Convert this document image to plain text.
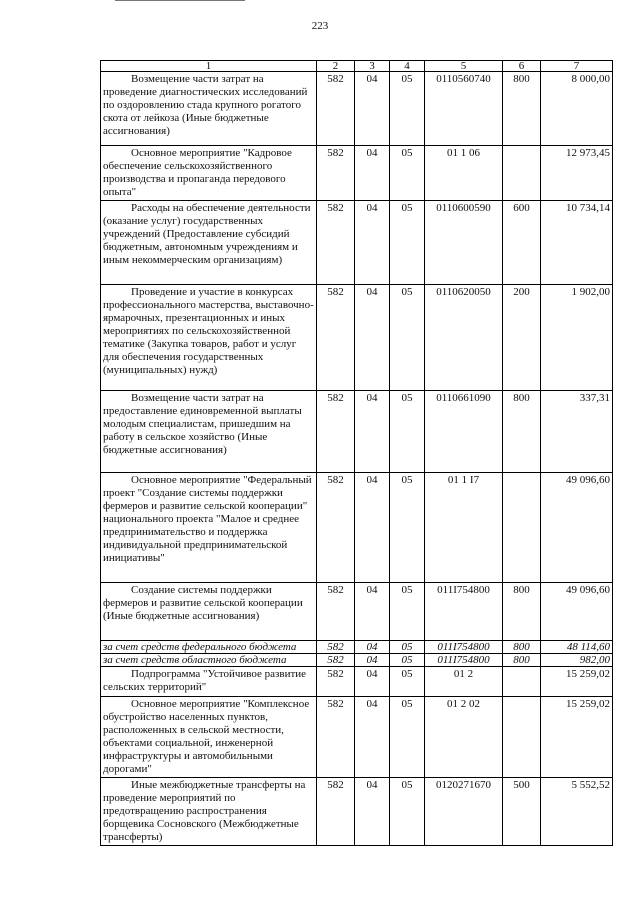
223
1	2	3	4	5	6	7
Возмещение части затрат на проведение диагностических исследований по оздоровлению стада крупного рогатого скота от лейкоза (Иные бюджетные ассигнования)	582	04	05	0110560740	800	8 000,00
Основное мероприятие "Кадровое обеспечение сельскохозяйственного производства и пропаганда передового опыта"	582	04	05	01 1 06		12 973,45
Расходы на обеспечение деятельности (оказание услуг) государственных учреждений (Предоставление субсидий бюджетным, автономным учреждениям и иным некоммерческим организациям)	582	04	05	0110600590	600	10 734,14
Проведение и участие в конкурсах профессионального мастерства, выставочно-ярмарочных, презентационных и иных мероприятиях по сельскохозяйственной тематике (Закупка товаров, работ и услуг для обеспечения государственных (муниципальных) нужд)	582	04	05	0110620050	200	1 902,00
Возмещение части затрат на предоставление единовременной выплаты молодым специалистам, пришедшим на работу в сельское хозяйство (Иные бюджетные ассигнования)	582	04	05	0110661090	800	337,31
Основное мероприятие "Федеральный проект "Создание системы поддержки фермеров и развитие сельской кооперации" национального проекта "Малое и среднее предпринимательство и поддержка индивидуальной предпринимательской инициативы"	582	04	05	01 1 I7		49 096,60
Создание системы поддержки фермеров и развитие сельской кооперации (Иные бюджетные ассигнования)	582	04	05	011I754800	800	49 096,60
за счет средств федерального бюджета	582	04	05	011I754800	800	48 114,60
за счет средств областного бюджета	582	04	05	011I754800	800	982,00
Подпрограмма "Устойчивое развитие сельских территорий"	582	04	05	01 2		15 259,02
Основное мероприятие "Комплексное обустройство населенных пунктов, расположенных в сельской местности, объектами социальной, инженерной инфраструктуры и автомобильными дорогами"	582	04	05	01 2 02		15 259,02
Иные межбюджетные трансферты на проведение мероприятий по предотвращению распространения борщевика Сосновского (Межбюджетные трансферты)	582	04	05	0120271670	500	5 552,52
